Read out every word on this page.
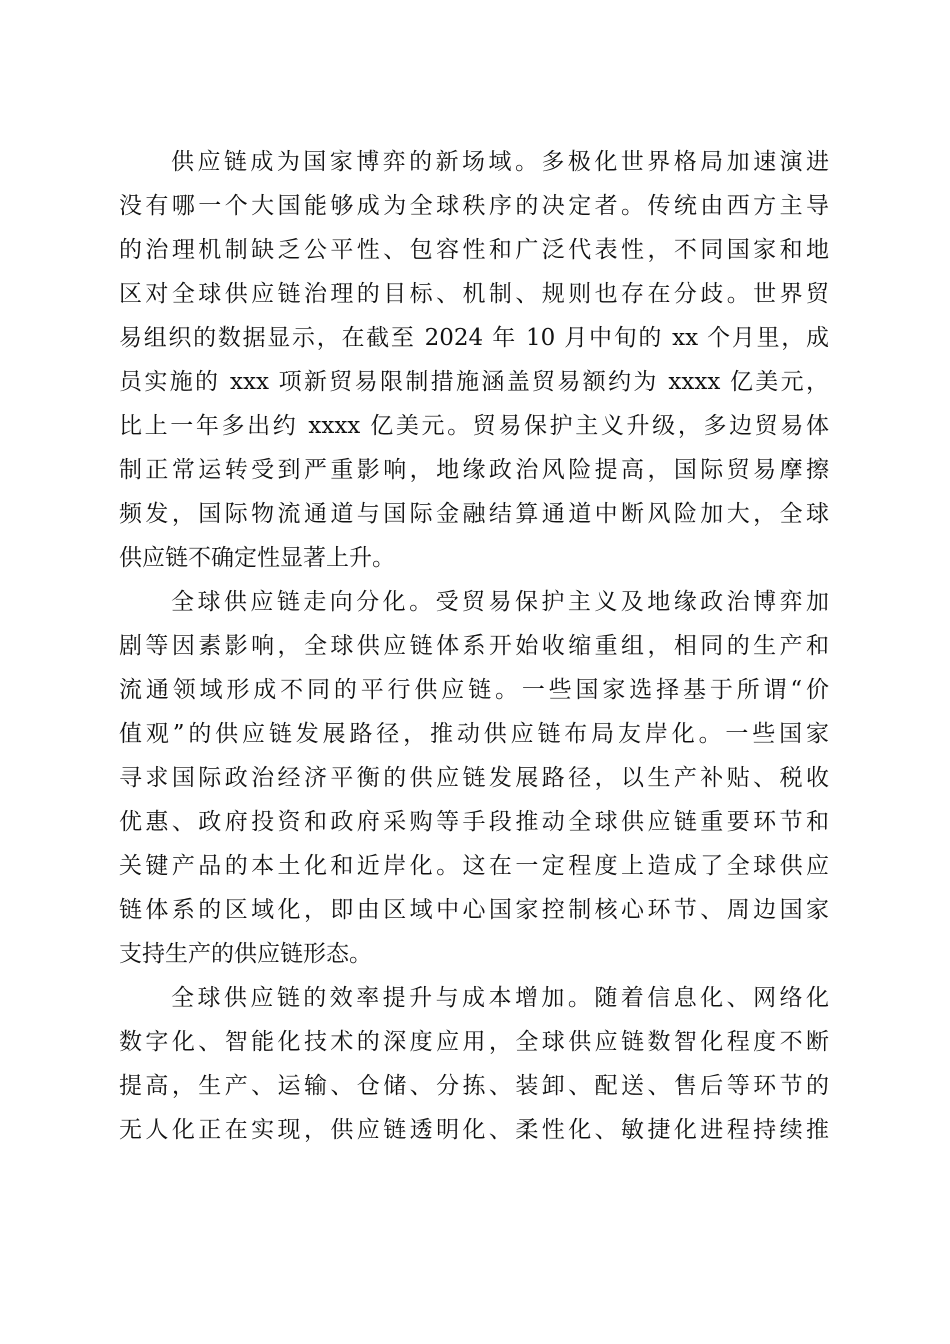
供应链成为国家博弈的新场域。多极化世界格局加速演进
没有哪一个大国能够成为全球秩序的决定者。传统由西方主导
的治理机制缺乏公平性、包容性和广泛代表性，不同国家和地
区对全球供应链治理的目标、机制、规则也存在分歧。世界贸
易组织的数据显示，在截至 2024 年 10 月中旬的 xx 个月里，成
员实施的 xxx 项新贸易限制措施涵盖贸易额约为 xxxx 亿美元，
比上一年多出约 xxxx 亿美元。贸易保护主义升级，多边贸易体
制正常运转受到严重影响，地缘政治风险提高，国际贸易摩擦
频发，国际物流通道与国际金融结算通道中断风险加大，全球
供应链不确定性显著上升。
全球供应链走向分化。受贸易保护主义及地缘政治博弈加
剧等因素影响，全球供应链体系开始收缩重组，相同的生产和
流通领域形成不同的平行供应链。一些国家选择基于所谓“价
值观”的供应链发展路径，推动供应链布局友岸化。一些国家
寻求国际政治经济平衡的供应链发展路径，以生产补贴、税收
优惠、政府投资和政府采购等手段推动全球供应链重要环节和
关键产品的本土化和近岸化。这在一定程度上造成了全球供应
链体系的区域化，即由区域中心国家控制核心环节、周边国家
支持生产的供应链形态。
全球供应链的效率提升与成本增加。随着信息化、网络化
数字化、智能化技术的深度应用，全球供应链数智化程度不断
提高，生产、运输、仓储、分拣、装卸、配送、售后等环节的
无人化正在实现，供应链透明化、柔性化、敏捷化进程持续推
